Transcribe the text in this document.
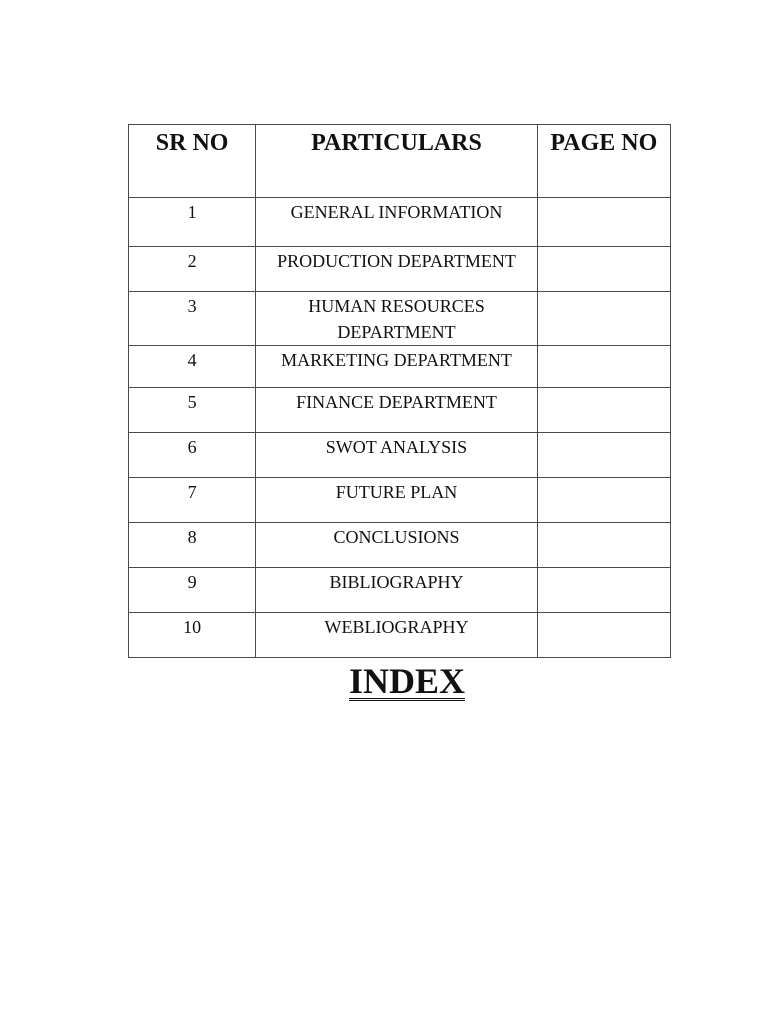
SR NO	PARTICULARS	PAGE NO
1	GENERAL INFORMATION	
2	PRODUCTION DEPARTMENT	
3	HUMAN RESOURCES DEPARTMENT	
4	MARKETING DEPARTMENT	
5	FINANCE DEPARTMENT	
6	SWOT ANALYSIS	
7	FUTURE PLAN	
8	CONCLUSIONS	
9	BIBLIOGRAPHY	
10	WEBLIOGRAPHY	
INDEX
